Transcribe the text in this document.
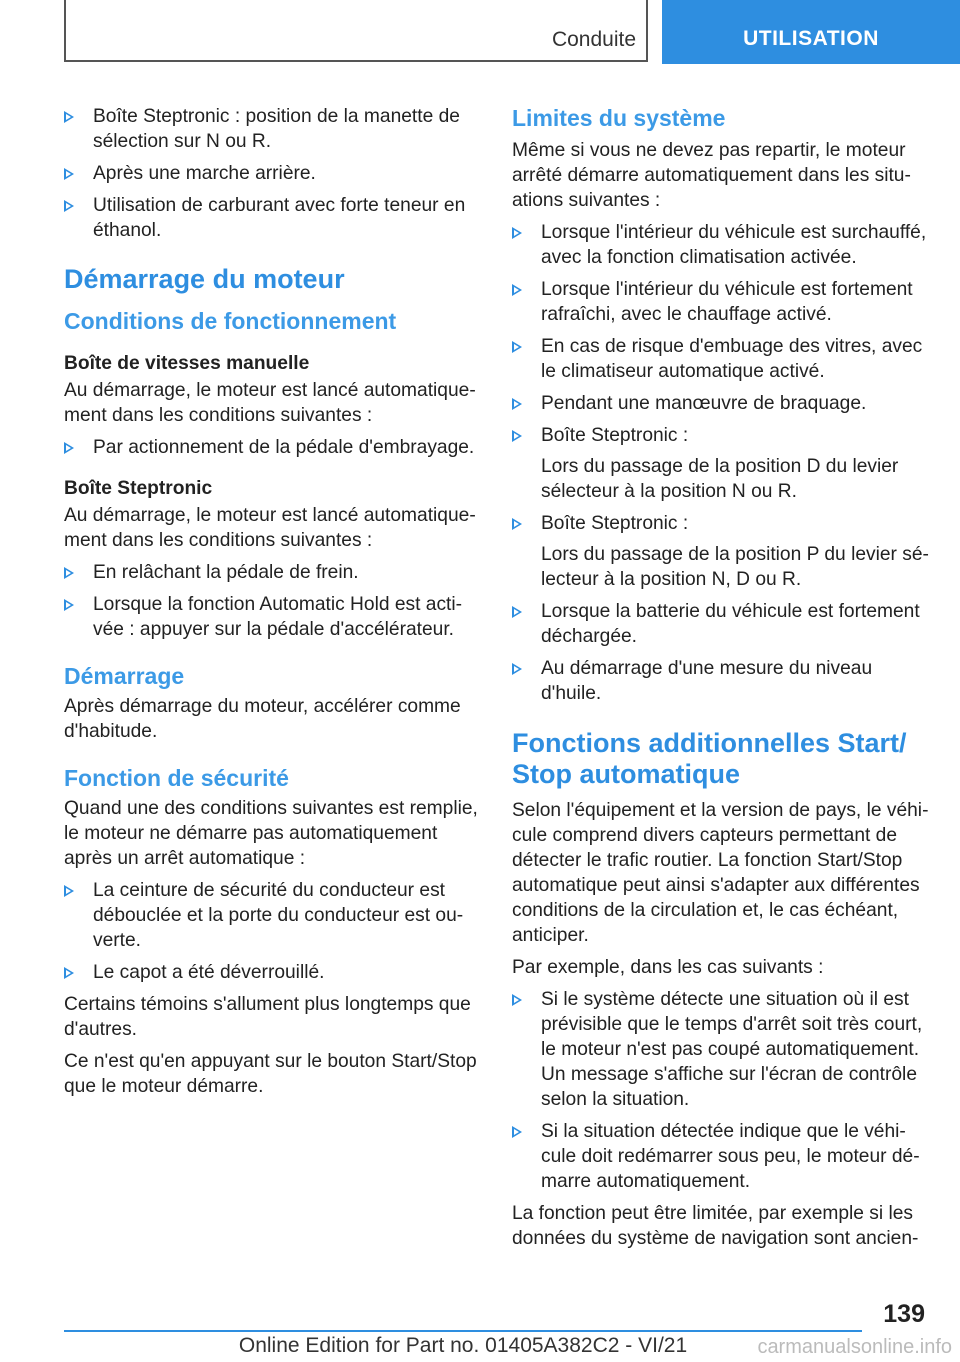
Conduite	UTILISATION
Boîte Steptronic : position de la manette de sélection sur N ou R.
Après une marche arrière.
Utilisation de carburant avec forte teneur en éthanol.
Démarrage du moteur
Conditions de fonctionnement
Boîte de vitesses manuelle

Au démarrage, le moteur est lancé automatiquement dans les conditions suivantes :

Par actionnement de la pédale d'embrayage.
Boîte Steptronic

Au démarrage, le moteur est lancé automatiquement dans les conditions suivantes :

En relâchant la pédale de frein.
Lorsque la fonction Automatic Hold est activée : appuyer sur la pédale d'accélérateur.
Démarrage

Après démarrage du moteur, accélérer comme d'habitude.

Fonction de sécurité

Quand une des conditions suivantes est remplie, le moteur ne démarre pas automatiquement après un arrêt automatique :

La ceinture de sécurité du conducteur est débouclée et la porte du conducteur est ouverte.
Le capot a été déverrouillé.

Certains témoins s'allument plus longtemps que d'autres.

Ce n'est qu'en appuyant sur le bouton Start/Stop que le moteur démarre.

Limites du système

Même si vous ne devez pas repartir, le moteur arrêté démarre automatiquement dans les situations suivantes :

Lorsque l'intérieur du véhicule est surchauffé, avec la fonction climatisation activée.
Lorsque l'intérieur du véhicule est fortement rafraîchi, avec le chauffage activé.
En cas de risque d'embuage des vitres, avec le climatiseur automatique activé.
Pendant une manœuvre de braquage.
Boîte Steptronic :

Lors du passage de la position D du levier sélecteur à la position N ou R.

Boîte Steptronic :

Lors du passage de la position P du levier sélecteur à la position N, D ou R.

Lorsque la batterie du véhicule est fortement déchargée.
Au démarrage d'une mesure du niveau d'huile.
Fonctions additionnelles Start/ Stop automatique

Selon l'équipement et la version de pays, le véhicule comprend divers capteurs permettant de détecter le trafic routier. La fonction Start/Stop automatique peut ainsi s'adapter aux différentes conditions de la circulation et, le cas échéant, anticiper.

Par exemple, dans les cas suivants :

Si le système détecte une situation où il est prévisible que le temps d'arrêt soit très court, le moteur n'est pas coupé automatiquement. Un message s'affiche sur l'écran de contrôle selon la situation.
Si la situation détectée indique que le véhicule doit redémarrer sous peu, le moteur démarre automatiquement.

La fonction peut être limitée, par exemple si les données du système de navigation sont ancien-

139
Online Edition for Part no. 01405A382C2 - VI/21	carmanualsonline.info
